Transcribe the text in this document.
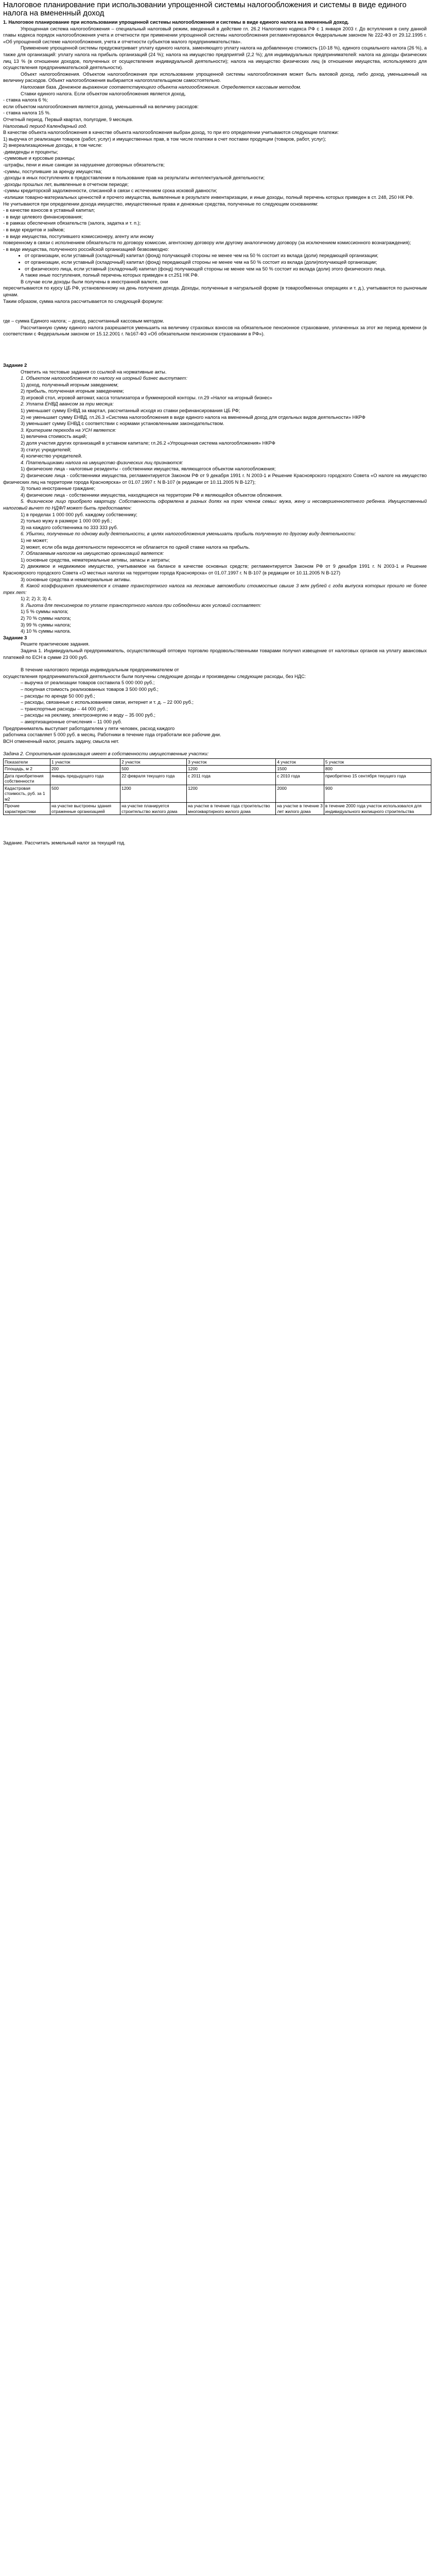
Налоговое планирование при использовании упрощенной системы налогообложения и системы в виде единого налога на вмененный доход

1. Налоговое планирование при использовании упрощенной системы налогообложения и системы в виде единого налога на вмененный доход.

Упрощенная система налогообложения – специальный налоговый режим, введенный в действие гл. 26.2 Налогового кодекса РФ с 1 января 2003 г. До вступления в силу данной главы кодекса порядок налогообложения учета и отчетности при применении упрощенной системы налогообложения регламентировался Федеральным законом № 222-ФЗ от 29.12.1995 г. «Об упрощенной системе налогообложения, учета и отчетности субъектов малого предпринимательства».

Применение упрощенной системы предусматривает уплату единого налога, заменяющего уплату налога на добавленную стоимость (10-18 %), единого социального налога (26 %), а также для организаций: уплату налога на прибыль организаций (24 %); налога на имущество предприятий (2,2 %); для индивидуальных предпринимателей: налога на доходы физических лиц 13 % (в отношении доходов, полученных от осуществления индивидуальной деятельности); налога на имущество физических лиц (в отношении имущества, используемого для осуществления предпринимательской деятельности).

Объект налогообложения. Объектом налогообложения при использовании упрощенной системы налогообложения может быть валовой доход, либо доход, уменьшенный на величину расходов. Объект налогообложения выбирается налогоплательщиком самостоятельно.

Налоговая база. Денежное выражение соответствующего объекта налогообложения. Определяется кассовым методом.

Ставки единого налога. Если объектом налогообложения является доход,

- ставка налога 6 %;

если объектом налогообложения является доход, уменьшенный на величину расходов:

- ставка налога 15 %.

Отчетный период. Первый квартал, полугодие, 9 месяцев.

Налоговый период Календарный год.

В качестве объекта налогообложения в качестве объекта налогообложения выбран доход, то при его определении учитываются следующие платежи:

1) выручка от реализации товаров (работ, услуг) и имущественных прав, в том числе платежи в счет поставки продукции (товаров, работ, услуг);

2) внереализационные доходы, в том числе:

-дивиденды и проценты;

-суммовые и курсовые разницы;

-штрафы, пени и иные санкции за нарушение договорных обязательств;

-суммы, поступившие за аренду имущества;

-доходы в иных поступлениях в предоставлении в пользование прав на результаты интеллектуальной деятельности;

-доходы прошлых лет, выявленные в отчетном периоде;

-суммы кредиторской задолженности, списанной в связи с истечением срока исковой давности;

-излишки товарно-материальных ценностей и прочего имущества, выявленные в результате инвентаризации, и иные доходы, полный перечень которых приведен в ст. 248, 250 НК РФ.

Не учитываются при определении дохода имущество, имущественные права и денежные средства, полученные по следующим основаниям:

- в качестве взносов в уставный капитал;

- в виде целевого финансирования;

- в рамках обеспечения обязательств (залога, задатка и т. п.);

- в виде кредитов и займов;

- в виде имущества, поступившего комиссионеру, агенту или иному

поверенному в связи с исполнением обязательств по договору комиссии, агентскому договору или другому аналогичному договору (за исключением комиссионного вознаграждения);

- в виде имущества, полученного российской организацией безвозмездно:

• от организации, если уставный (складочный) капитал (фонд) получающей стороны не менее чем на 50 % состоит из вклада (доли) передающей организации;
• от организации, если уставный (складочный) капитал (фонд) передающей стороны не менее чем на 50 % состоит из вклада (доли)получающей организации;
• от физического лица, если уставный (складочный) капитал (фонд) получающей стороны не менее чем на 50 % состоит из вклада (доли) этого физического лица.

А также иные поступления, полный перечень которых приведен в ст.251 НК РФ.

В случае если доходы были получены в иностранной валюте, они

пересчитываются по курсу ЦБ РФ, установленному на день получения дохода. Доходы, полученные в натуральной форме (в товарообменных операциях и т. д.), учитываются по рыночным ценам.

Таким образом, сумма налога рассчитывается по следующей формуле:

где – сумма Единого налога; – доход, рассчитанный кассовым методом.

Рассчитанную сумму единого налога разрешается уменьшить на величину страховых взносов на обязательное пенсионное страхование, уплаченных за этот же период времени (в соответствии с Федеральным законом от 15.12.2001 г. №167-ФЗ «Об обязательном пенсионном страховании в РФ»).

Задание 2

Ответить на тестовые задания со ссылкой на нормативные акты.

1. Объектом налогообложения по налогу на игорный бизнес выступает:

1) доход, полученный игорным заведением;

2) прибыль, полученная игорным заведением;

3) игровой стол, игровой автомат, касса тотализатора и букмекерской конторы. гл.29 «Налог на игорный бизнес»

2. Уплата ЕНВД авансом за три месяца:

1) уменьшает сумму ЕНВД за квартал, рассчитанный исходя из ставки рефинансирования ЦБ РФ;

2) не уменьшает сумму ЕНВД. гл.26.3 «Система налогообложения в виде единого налога на вмененный доход для отдельных видов деятельности» НКРФ

3) уменьшает сумму ЕНВД с соответствии с нормами установленными законодательством.

3. Критерием перехода на УСН является:

1) величина стоимость акций;

2) доля участия других организаций в уставном капитале; гл.26.2 «Упрощенная система налогообложения» НКРФ

3) статус учредителей;

4) количество учредителей.

4. Плательщиками налога на имущество физических лиц признаются:

1) физические лица - налоговые резиденты - собственники имущества, являющегося объектом налогообложения;

2) физические лица - собственники имущества, регламентируется Законом РФ от 9 декабря 1991 г. N 2003-1 и Решение Красноярского городского Совета «О налоге на имущество физических лиц на территории города Красноярска» от 01.07.1997 г. N В-107 (в редакции от 10.11.2005 N В-127);

3) только иностранные граждане;

4) физические лица - собственники имущества, находящиеся на территории РФ и являющейся объектом обложения.

5. Физическое лицо приобрело квартиру. Собственность оформлена в разных долях на трех членов семьи: мужа, жену и несовершеннолетнего ребенка. Имущественный налоговый вычет по НДФЛ может быть предоставлен:

1) в пределах 1 000 000 руб. каждому собственнику;

2) только мужу в размере 1 000 000 руб.;

3) на каждого собственника по 333 333 руб.

6. Убытки, полученные по одному виду деятельности, в целях налогообложения уменьшать прибыль полученную по другому виду деятельности:

1) не может;

2) может, если оба вида деятельности переносятся не облагается по одной ставке налога на прибыль.

7. Облагаемым налогом на имущество организаций является:

1) основные средства, нематериальные активы, запасы и затраты;

2) движимое и недвижимое имущество, учитываемое на балансе в качестве основных средств; регламентируется Законом РФ от 9 декабря 1991 г. N 2003-1 и Решение Красноярского городского Совета «О местных налогах на территории города Красноярска» от 01.07.1997 г. N В-107 (в редакции от 10.11.2005 N В-127)

3) основные средства и нематериальные активы.

8. Какой коэффициент применяется к ставке транспортного налога на легковые автомобили стоимостью свыше 3 млн рублей с года выпуска которых прошло не более трех лет:

1) 2; 2) 3; 3) 4.

9. Льгота для пенсионеров по уплате транспортного налога при соблюдении всех условий составляет:

1) 5 % суммы налога;

2) 70 % суммы налога;

3) 99 % суммы налога;

4) 10 % суммы налога.

Задание 3

Решите практические задания.

Задача 1. Индивидуальный предприниматель, осуществляющий оптовую торговлю продовольственными товарами получил извещение от налоговых органов на уплату авансовых платежей по ЕСН в сумме 23 000 руб.

В течение налогового периода индивидуальным предпринимателем от

осуществления предпринимательской деятельности были получены следующие доходы и произведены следующие расходы, без НДС:

– выручка от реализации товаров составила 5 000 000 руб.;

– покупная стоимость реализованных товаров 3 500 000 руб.;

– расходы по аренде 50 000 руб.;

– расходы, связанные с использованием связи, интернет и т. д. – 22 000 руб.;

– транспортные расходы – 44 000 руб.;

– расходы на рекламу, электроэнергию и воду – 35 000 руб.;

– амортизационные отчисления – 11 000 руб.

Предприниматель выступает работодателем у пяти человек, расход каждого

работника составляет 5 000 руб. в месяц. Работники в течение года отработали все рабочие дни.

ВСН отмененный налог, решать задачу, смысла нет.

Задача 2. Строительная организация имеет в собственности имущественные участки:

Показатели	1 участок	2 участок	3 участок	4 участок	5 участок
Площадь, м 2	200	500	1200	1500	800
Дата приобретения собственности	январь предыдущего года	22 февраля текущего года	с 2011 года	с 2010 года	приобретено 15 сентября текущего года
Кадастровая стоимость, руб. за 1 м2	500	1200	1200	2000	900
Прочие характеристики	на участке выстроены здания отраженные организацией	на участке планируется строительство жилого дома	на участке в течение года строительство многоквартирного жилого дома	на участке в течение 3 лет жилого дома	в течение 2000 года участок использовался для индивидуального жилищного строительства

Задание. Рассчитать земельный налог за текущий год.
